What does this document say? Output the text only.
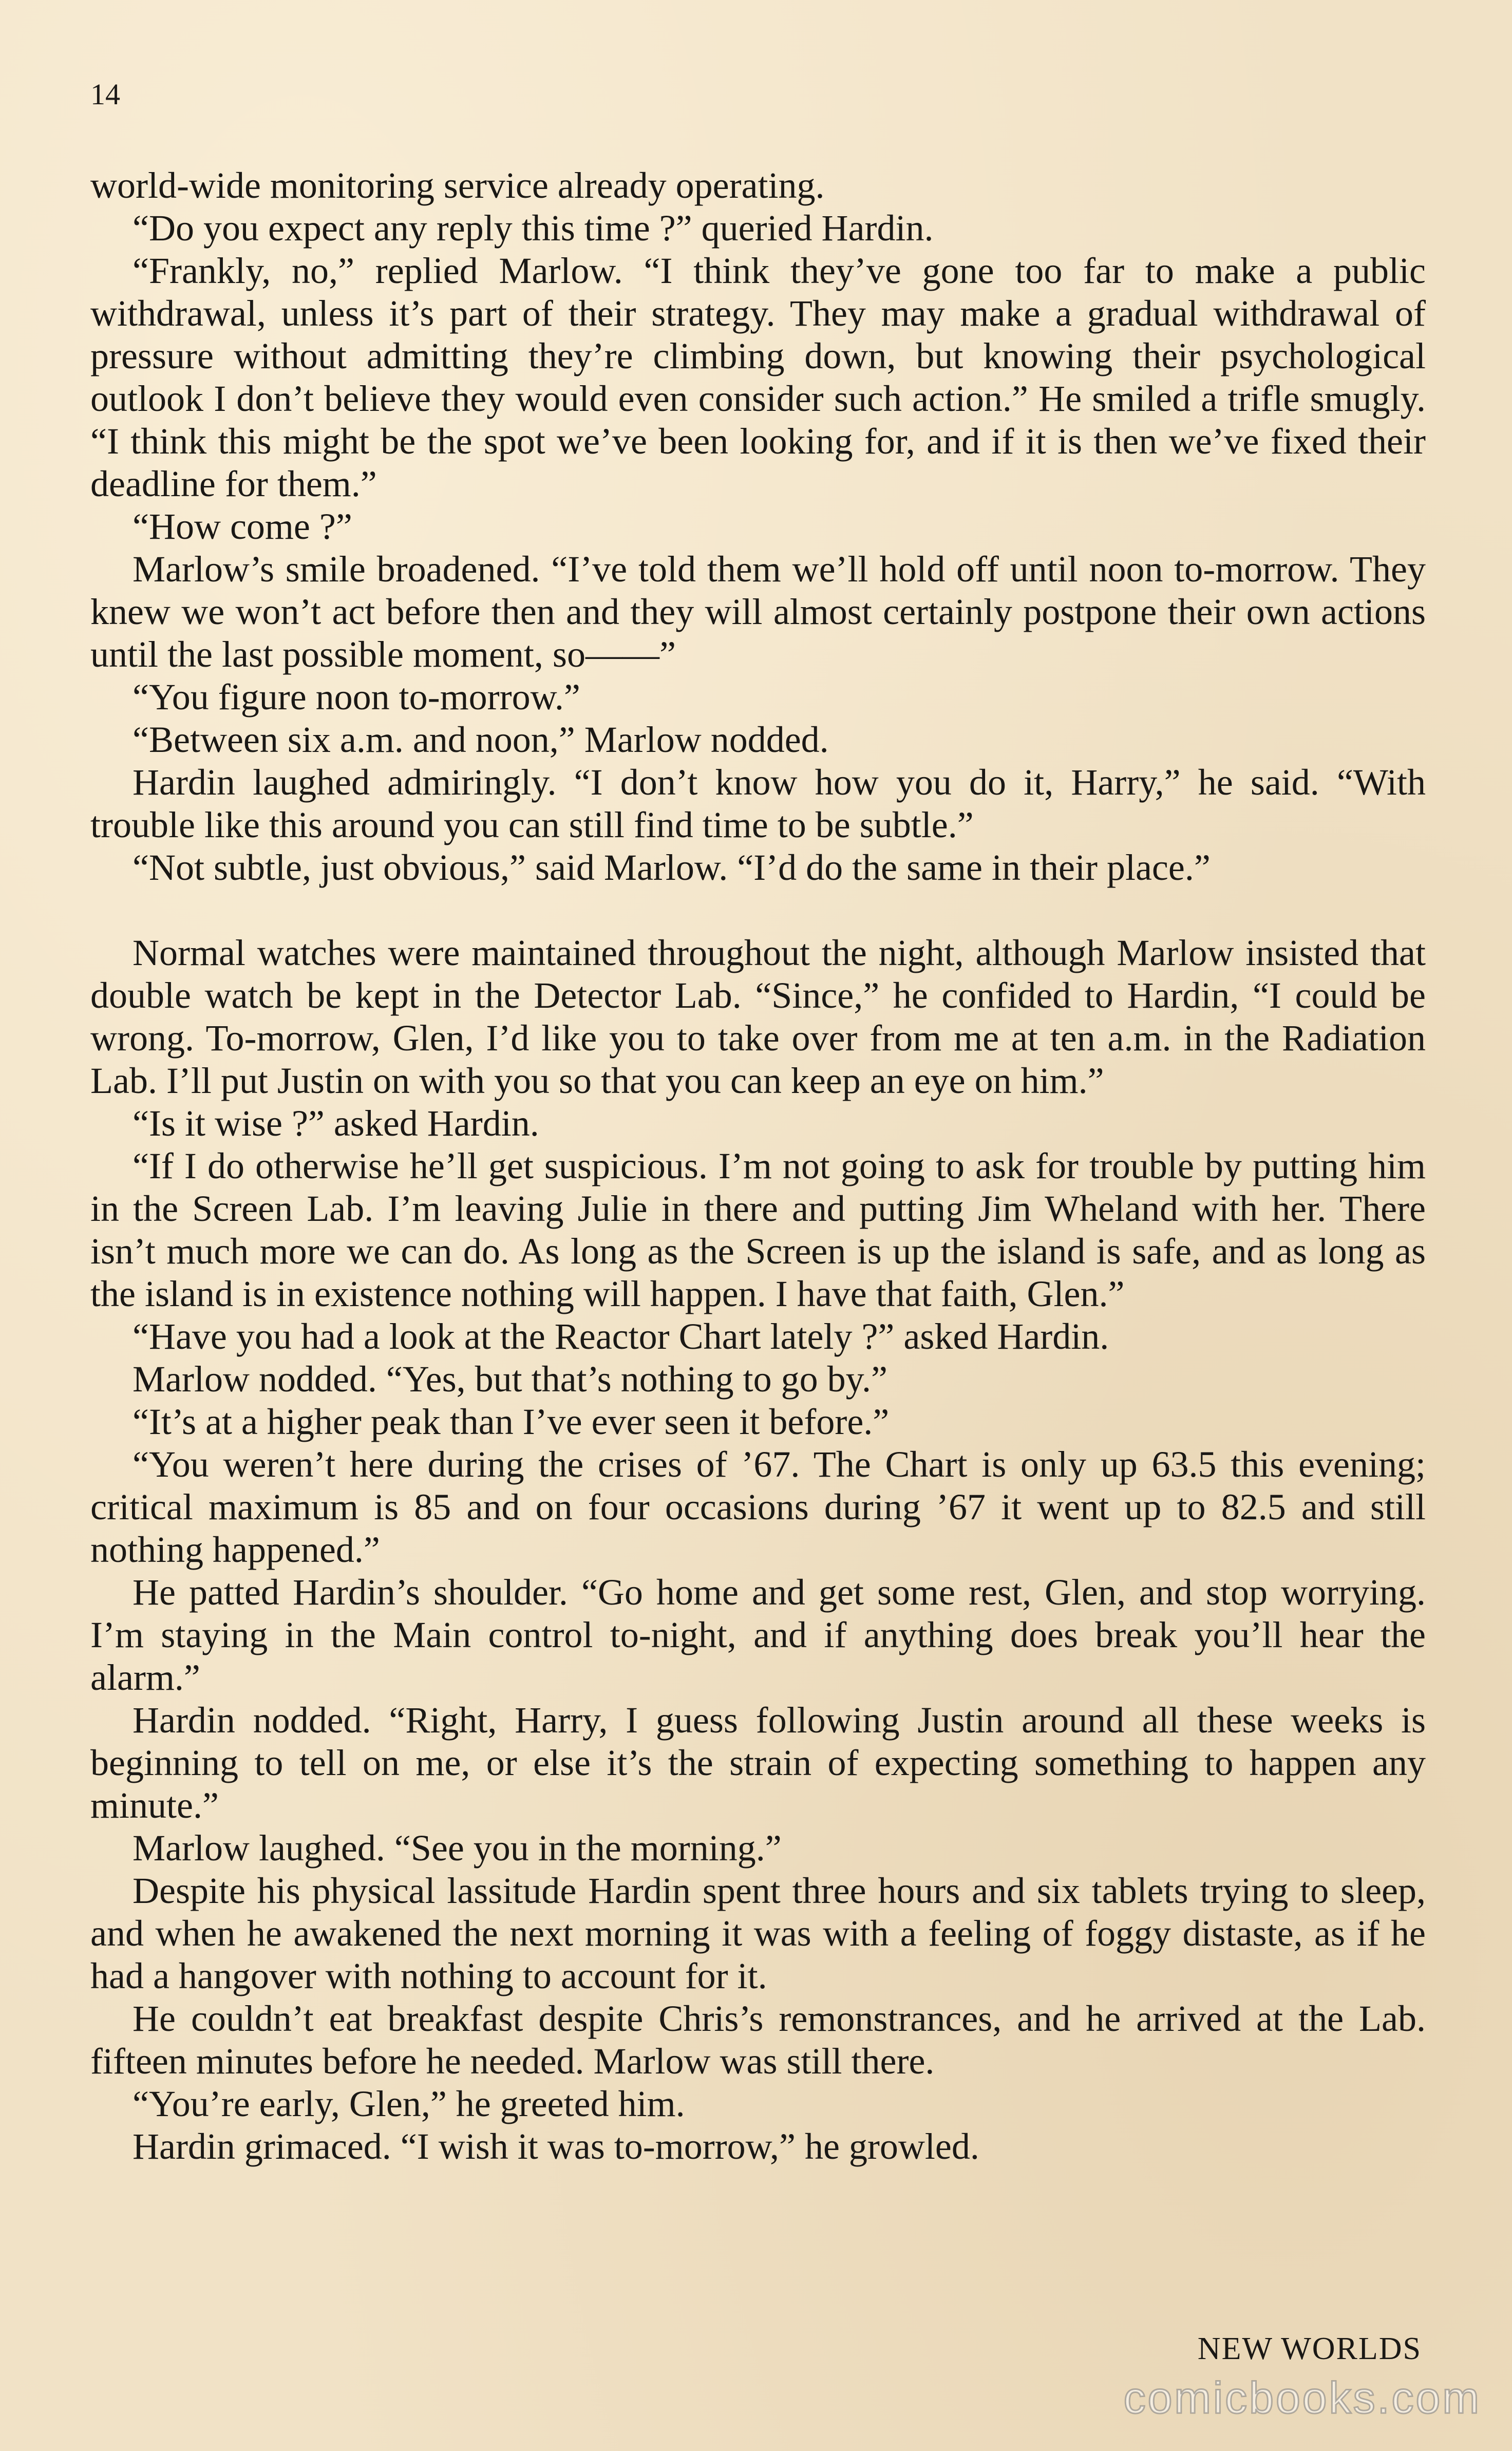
14

world-wide monitoring service already operating.

“Do you expect any reply this time ?” queried Hardin.

“Frankly, no,” replied Marlow. “I think they’ve gone too far to make a public withdrawal, unless it’s part of their strategy. They may make a gradual withdrawal of pressure without admitting they’re climbing down, but knowing their psychological outlook I don’t believe they would even consider such action.” He smiled a trifle smugly. “I think this might be the spot we’ve been looking for, and if it is then we’ve fixed their deadline for them.”

“How come ?”

Marlow’s smile broadened. “I’ve told them we’ll hold off until noon to-morrow. They knew we won’t act before then and they will almost certainly postpone their own actions until the last possible moment, so——”

“You figure noon to-morrow.”

“Between six a.m. and noon,” Marlow nodded.

Hardin laughed admiringly. “I don’t know how you do it, Harry,” he said. “With trouble like this around you can still find time to be subtle.”

“Not subtle, just obvious,” said Marlow. “I’d do the same in their place.”

Normal watches were maintained throughout the night, although Marlow insisted that double watch be kept in the Detector Lab. “Since,” he confided to Hardin, “I could be wrong. To-morrow, Glen, I’d like you to take over from me at ten a.m. in the Radiation Lab. I’ll put Justin on with you so that you can keep an eye on him.”

“Is it wise ?” asked Hardin.

“If I do otherwise he’ll get suspicious. I’m not going to ask for trouble by putting him in the Screen Lab. I’m leaving Julie in there and putting Jim Wheland with her. There isn’t much more we can do. As long as the Screen is up the island is safe, and as long as the island is in existence nothing will happen. I have that faith, Glen.”

“Have you had a look at the Reactor Chart lately ?” asked Hardin.

Marlow nodded. “Yes, but that’s nothing to go by.”

“It’s at a higher peak than I’ve ever seen it before.”

“You weren’t here during the crises of ’67. The Chart is only up 63.5 this evening; critical maximum is 85 and on four occasions during ’67 it went up to 82.5 and still nothing happened.”

He patted Hardin’s shoulder. “Go home and get some rest, Glen, and stop worrying. I’m staying in the Main control to-night, and if anything does break you’ll hear the alarm.”

Hardin nodded. “Right, Harry, I guess following Justin around all these weeks is beginning to tell on me, or else it’s the strain of expecting something to happen any minute.”

Marlow laughed. “See you in the morning.”

Despite his physical lassitude Hardin spent three hours and six tablets trying to sleep, and when he awakened the next morning it was with a feeling of foggy distaste, as if he had a hangover with nothing to account for it.

He couldn’t eat breakfast despite Chris’s remonstrances, and he arrived at the Lab. fifteen minutes before he needed. Marlow was still there.

“You’re early, Glen,” he greeted him.

Hardin grimaced. “I wish it was to-morrow,” he growled.

NEW WORLDS
comicbooks.com
